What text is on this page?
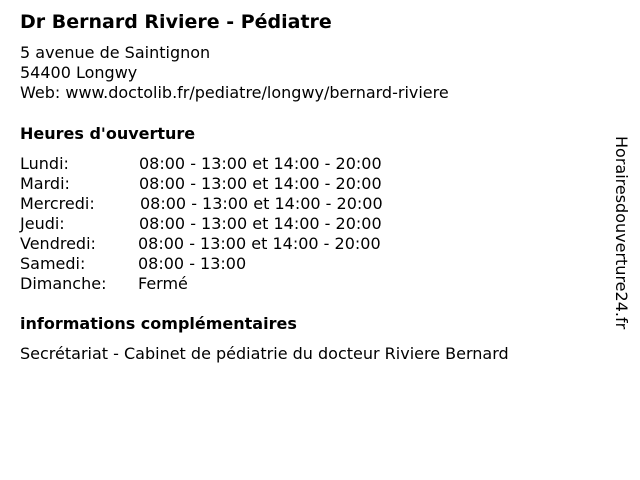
Dr Bernard Riviere - Pédiatre
5 avenue de Saintignon
54400 Longwy
Web: www.doctolib.fr/pediatre/longwy/bernard-riviere
Heures d'ouverture
Lundi:	08:00 - 13:00 et 14:00 - 20:00
Mardi:	08:00 - 13:00 et 14:00 - 20:00
Mercredi:	08:00 - 13:00 et 14:00 - 20:00
Jeudi:	08:00 - 13:00 et 14:00 - 20:00
Vendredi:	08:00 - 13:00 et 14:00 - 20:00
Samedi:	08:00 - 13:00
Dimanche: Fermé
informations complémentaires
Secrétariat - Cabinet de pédiatrie du docteur Riviere Bernard
Horairesdouverture24.fr
